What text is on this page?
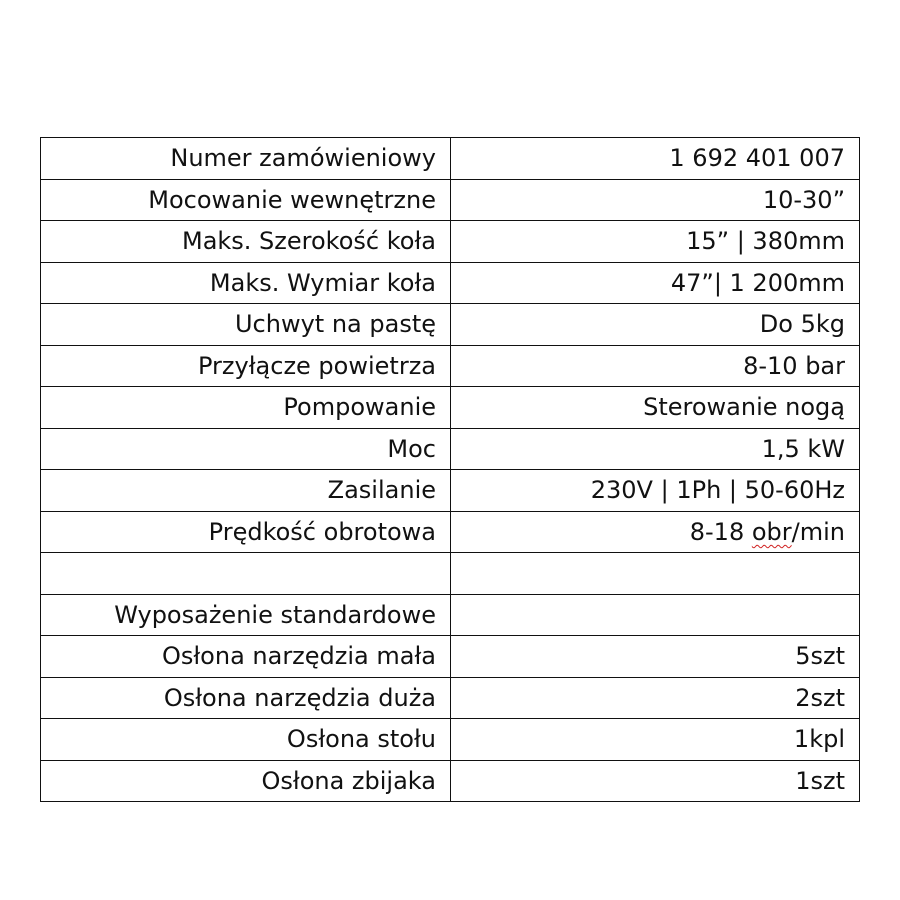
Numer zamówieniowy	1 692 401 007
Mocowanie wewnętrzne	10-30”
Maks. Szerokość koła	15” | 380mm
Maks. Wymiar koła	47”| 1 200mm
Uchwyt na pastę	Do 5kg
Przyłącze powietrza	8-10 bar
Pompowanie	Sterowanie nogą
Moc	1,5 kW
Zasilanie	230V | 1Ph | 50-60Hz
Prędkość obrotowa	8-18 obr/min

Wyposażenie standardowe	
Osłona narzędzia mała	5szt
Osłona narzędzia duża	2szt
Osłona stołu	1kpl
Osłona zbijaka	1szt
